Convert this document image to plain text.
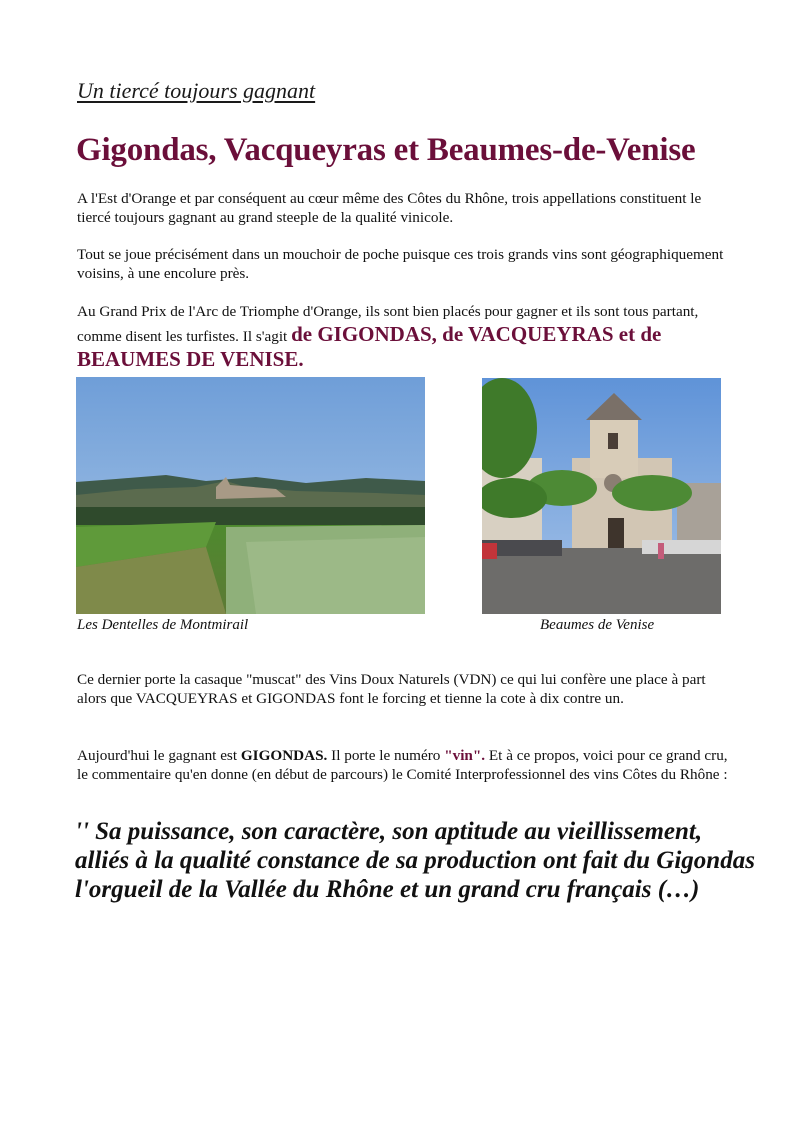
Un tiercé toujours gagnant
Gigondas, Vacqueyras et Beaumes-de-Venise

A l'Est d'Orange et par conséquent au cœur même des Côtes du Rhône, trois appellations constituent le tiercé toujours gagnant au grand steeple de la qualité vinicole.

Tout se joue précisément dans un mouchoir de poche puisque ces trois grands vins sont géographiquement voisins, à une encolure près.

Au Grand Prix de l'Arc de Triomphe d'Orange, ils sont bien placés pour gagner et ils sont tous partant, comme disent les turfistes. Il s'agit de GIGONDAS, de VACQUEYRAS et de BEAUMES DE VENISE.

Les Dentelles de Montmirail	Beaumes de Venise

Ce dernier porte la casaque "muscat" des Vins Doux Naturels (VDN) ce qui lui confère une place à part alors que VACQUEYRAS et GIGONDAS font le forcing et tienne la cote à dix contre un.

Aujourd'hui le gagnant est GIGONDAS. Il porte le numéro "vin". Et à ce propos, voici pour ce grand cru, le commentaire qu'en donne (en début de parcours) le Comité Interprofessionnel des vins Côtes du Rhône :

'' Sa puissance, son caractère, son aptitude au vieillissement, alliés à la qualité constance de sa production ont fait du Gigondas l'orgueil de la Vallée du Rhône et un grand cru français (…)
